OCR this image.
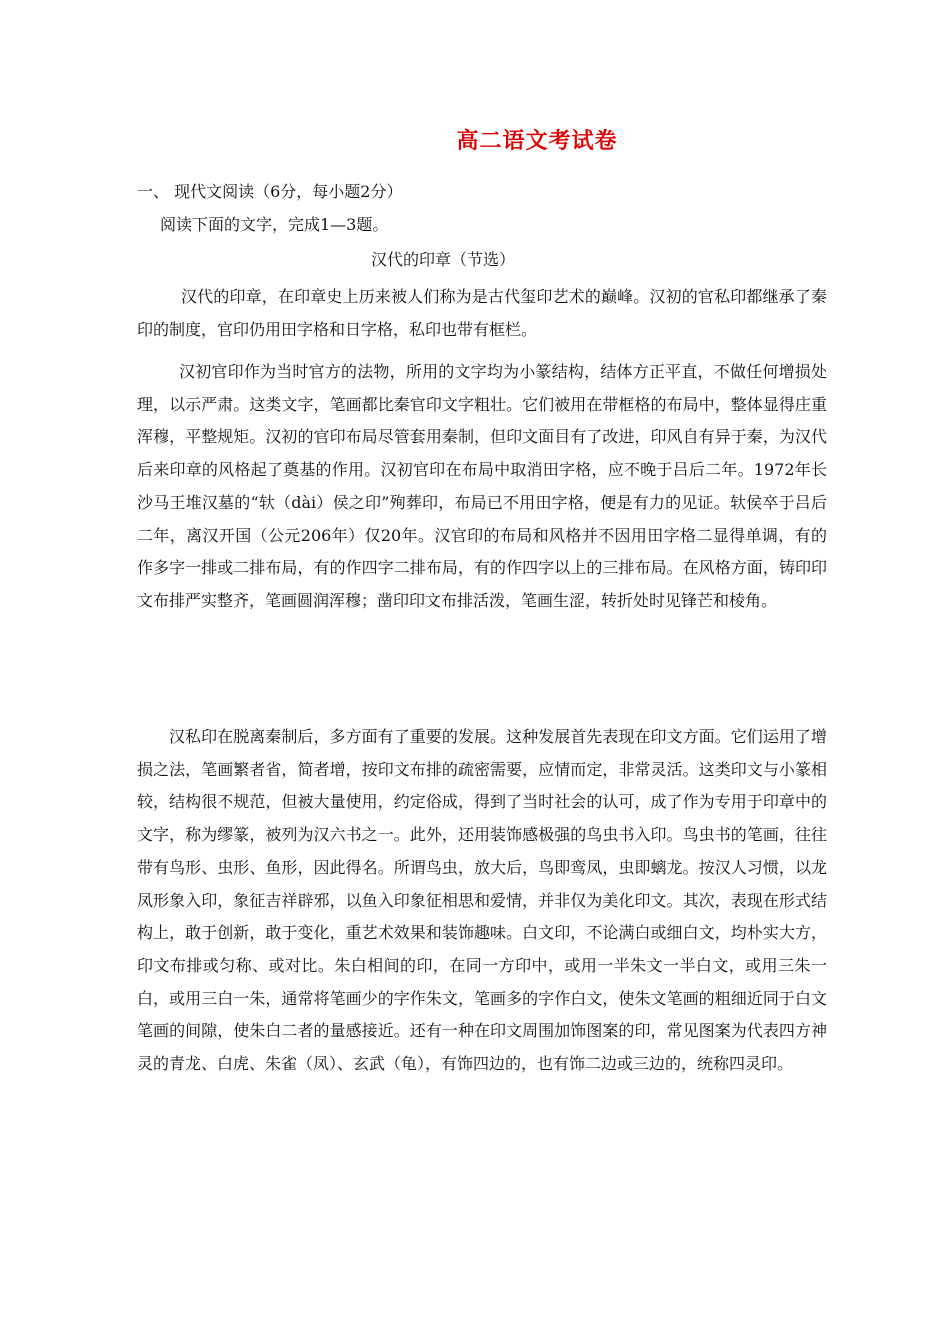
高二语文考试卷
一、 现代文阅读（6分，每小题2分）
阅读下面的文字，完成1—3题。
汉代的印章（节选）

汉代的印章，在印章史上历来被人们称为是古代玺印艺术的巅峰。汉初的官私印都继承了秦印的制度，官印仍用田字格和日字格，私印也带有框栏。

汉初官印作为当时官方的法物，所用的文字均为小篆结构，结体方正平直，不做任何增损处理，以示严肃。这类文字，笔画都比秦官印文字粗壮。它们被用在带框格的布局中，整体显得庄重浑穆，平整规矩。汉初的官印布局尽管套用秦制，但印文面目有了改进，印风自有异于秦，为汉代后来印章的风格起了奠基的作用。汉初官印在布局中取消田字格，应不晚于吕后二年。1972年长沙马王堆汉墓的“轪（dài）侯之印”殉葬印，布局已不用田字格，便是有力的见证。轪侯卒于吕后二年，离汉开国（公元206年）仅20年。汉官印的布局和风格并不因用田字格二显得单调，有的作多字一排或二排布局，有的作四字二排布局，有的作四字以上的三排布局。在风格方面，铸印印文布排严实整齐，笔画圆润浑穆；凿印印文布排活泼，笔画生涩，转折处时见锋芒和棱角。

汉私印在脱离秦制后，多方面有了重要的发展。这种发展首先表现在印文方面。它们运用了增损之法，笔画繁者省，简者增，按印文布排的疏密需要，应情而定，非常灵活。这类印文与小篆相较，结构很不规范，但被大量使用，约定俗成，得到了当时社会的认可，成了作为专用于印章中的文字，称为缪篆，被列为汉六书之一。此外，还用装饰感极强的鸟虫书入印。鸟虫书的笔画，往往带有鸟形、虫形、鱼形，因此得名。所谓鸟虫，放大后，鸟即鸾凤，虫即螭龙。按汉人习惯，以龙凤形象入印，象征吉祥辟邪，以鱼入印象征相思和爱情，并非仅为美化印文。其次，表现在形式结构上，敢于创新，敢于变化，重艺术效果和装饰趣味。白文印，不论满白或细白文，均朴实大方，印文布排或匀称、或对比。朱白相间的印，在同一方印中，或用一半朱文一半白文，或用三朱一白，或用三白一朱，通常将笔画少的字作朱文，笔画多的字作白文，使朱文笔画的粗细近同于白文笔画的间隙，使朱白二者的量感接近。还有一种在印文周围加饰图案的印，常见图案为代表四方神灵的青龙、白虎、朱雀（凤）、玄武（龟），有饰四边的，也有饰二边或三边的，统称四灵印。
